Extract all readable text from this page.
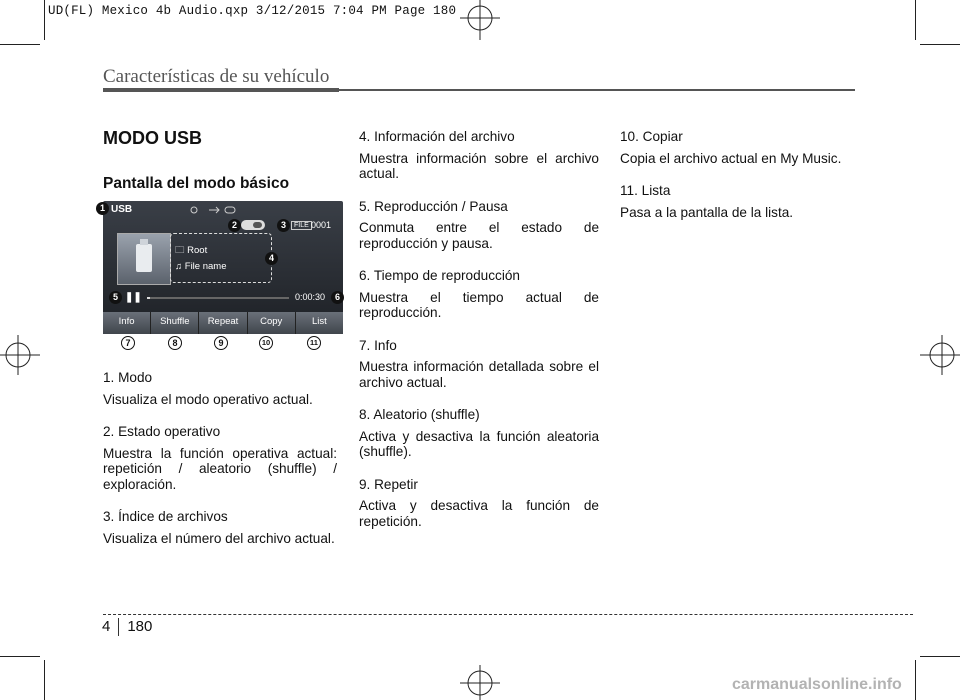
UD(FL) Mexico 4b Audio.qxp 3/12/2015 7:04 PM Page 180
Características de su vehículo
MODO USB
Pantalla del modo básico
USB
FILE 0001
🗀 Root
♫ File name
❚❚	0:00:30
Info	Shuffle	Repeat	Copy	List
1
2	3
4
5	6
7	8	9	10	11
1. Modo
Visualiza el modo operativo actual.
2. Estado operativo
Muestra la función operativa actual: repetición / aleatorio (shuffle) / exploración.
3. Índice de archivos
Visualiza el número del archivo actual.
4. Información del archivo
Muestra información sobre el archivo actual.
5. Reproducción / Pausa
Conmuta entre el estado de reproducción y pausa.
6. Tiempo de reproducción
Muestra el tiempo actual de reproducción.
7. Info
Muestra información detallada sobre el archivo actual.
8. Aleatorio (shuffle)
Activa y desactiva la función aleatoria (shuffle).
9. Repetir
Activa y desactiva la función de repetición.
10. Copiar
Copia el archivo actual en My Music.
11. Lista
Pasa a la pantalla de la lista.
4 180
carmanualsonline.info
